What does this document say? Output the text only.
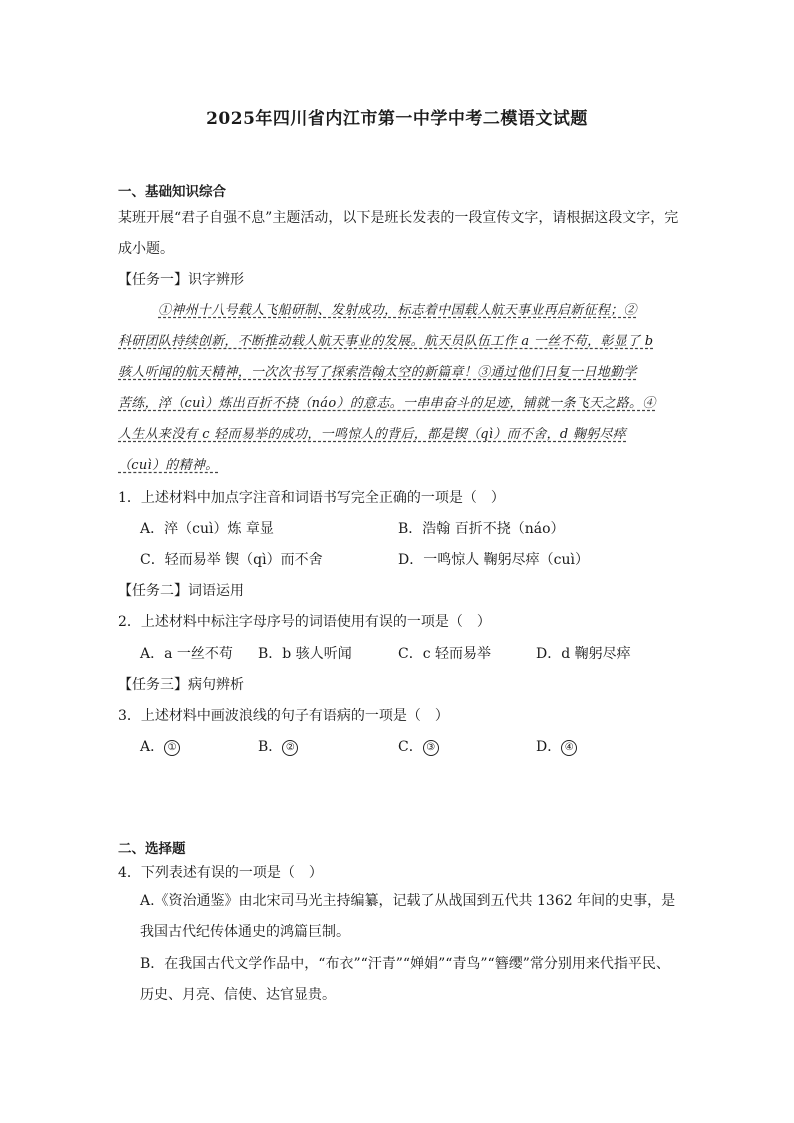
2025年四川省内江市第一中学中考二模语文试题
一、基础知识综合
某班开展“君子自强不息”主题活动，以下是班长发表的一段宣传文字，请根据这段文字，完
成小题。
【任务一】识字辨形
①神州十八号载人飞船研制、发射成功，标志着中国载人航天事业再启新征程；②
科研团队持续创新，不断推动载人航天事业的发展。航天员队伍工作 a 一丝不苟，彰显了 b
骇人听闻的航天精神，一次次书写了探索浩翰太空的新篇章！③通过他们日复一日地勤学
苦练，淬（cuì）炼出百折不挠（náo）的意志。一串串奋斗的足迹，铺就一条飞天之路。④
人生从来没有 c 轻而易举的成功，一鸣惊人的背后，都是锲（qì）而不舍，d 鞠躬尽瘁
（cuì）的精神。
1．上述材料中加点字注音和词语书写完全正确的一项是（　）
A．淬（cuì）炼 章显	B．浩翰 百折不挠（náo）
C．轻而易举 锲（qì）而不舍	D．一鸣惊人 鞠躬尽瘁（cuì）
【任务二】词语运用
2．上述材料中标注字母序号的词语使用有误的一项是（　）
A．a 一丝不苟 B．b 骇人听闻	C．c 轻而易举	D．d 鞠躬尽瘁
【任务三】病句辨析
3．上述材料中画波浪线的句子有语病的一项是（　）
A． ①	B． ②	C． ③	D． ④
二、选择题
4．下列表述有误的一项是（　）
A.《资治通鉴》由北宋司马光主持编纂，记载了从战国到五代共 1362 年间的史事，是我国古代纪传体通史的鸿篇巨制。
B．在我国古代文学作品中，“布衣”“汗青”“婵娟”“青鸟”“簪缨”常分别用来代指平民、历史、月亮、信使、达官显贵。
